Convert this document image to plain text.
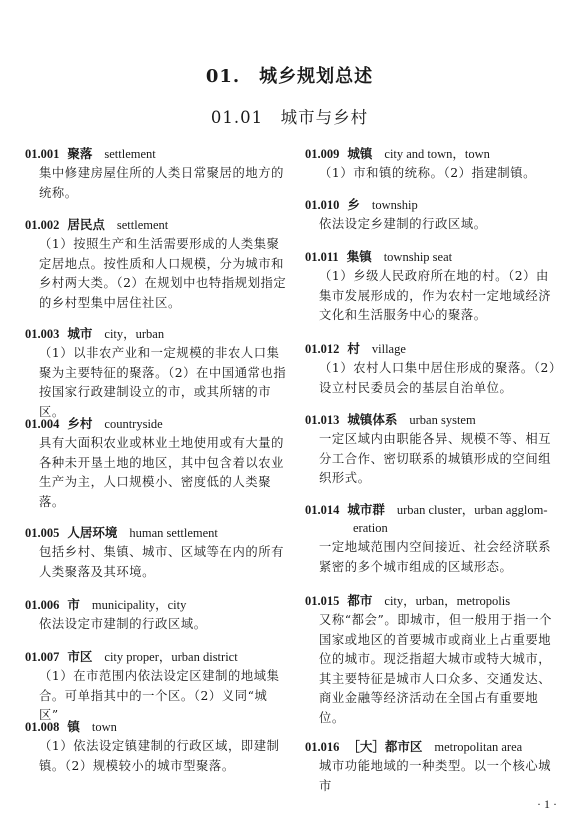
01.　城乡规划总述
01.01　城市与乡村
01.001 聚落 settlement
集中修建房屋住所的人类日常聚居的地方的统称。
01.002 居民点 settlement
（1）按照生产和生活需要形成的人类集聚定居地点。按性质和人口规模，分为城市和乡村两大类。（2）在规划中也特指规划指定的乡村型集中居住社区。
01.003 城市 city，urban
（1）以非农产业和一定规模的非农人口集聚为主要特征的聚落。（2）在中国通常也指按国家行政建制设立的市，或其所辖的市区。
01.004 乡村 countryside
具有大面积农业或林业土地使用或有大量的各种未开垦土地的地区，其中包含着以农业生产为主，人口规模小、密度低的人类聚落。
01.005 人居环境 human settlement
包括乡村、集镇、城市、区域等在内的所有人类聚落及其环境。
01.006 市 municipality，city
依法设定市建制的行政区域。
01.007 市区 city proper，urban district
（1）在市范围内依法设定区建制的地域集合。可单指其中的一个区。（2）义同“城区”
01.008 镇 town
（1）依法设定镇建制的行政区域，即建制镇。（2）规模较小的城市型聚落。
01.009 城镇 city and town，town
（1）市和镇的统称。（2）指建制镇。
01.010 乡 township
依法设定乡建制的行政区域。
01.011 集镇 township seat
（1）乡级人民政府所在地的村。（2）由集市发展形成的，作为农村一定地域经济文化和生活服务中心的聚落。
01.012 村 village
（1）农村人口集中居住形成的聚落。（2）设立村民委员会的基层自治单位。
01.013 城镇体系 urban system
一定区域内由职能各异、规模不等、相互分工合作、密切联系的城镇形成的空间组织形式。
01.014 城市群 urban cluster，urban agglom-
eration
一定地域范围内空间接近、社会经济联系紧密的多个城市组成的区域形态。
01.015 都市 city，urban，metropolis
又称“都会”。即城市，但一般用于指一个国家或地区的首要城市或商业上占重要地位的城市。现泛指超大城市或特大城市，其主要特征是城市人口众多、交通发达、商业金融等经济活动在全国占有重要地位。
01.016 ［大］都市区 metropolitan area
城市功能地域的一种类型。以一个核心城市
· 1 ·
